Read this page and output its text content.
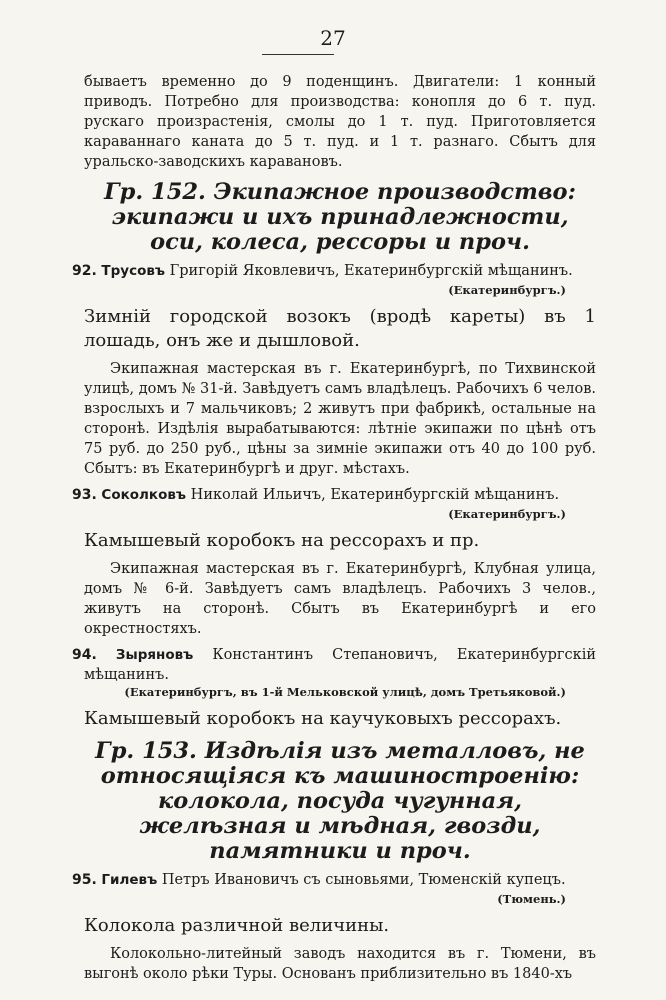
27

бываетъ временно до 9 поденщинъ. Двигатели: 1 конный приводъ. Потребно для производства: конопля до 6 т. пуд. рускаго произрастенія, смолы до 1 т. пуд. Приготовляется караваннаго каната до 5 т. пуд. и 1 т. разнаго. Сбытъ для уральско-заводскихъ каравановъ.

Гр. 152. Экипажное производство: экипажи и ихъ принадлежности, оси, колеса, рессоры и проч.

92. Трусовъ Григорій Яковлевичъ, Екатеринбургскій мѣщанинъ.

(Екатеринбургъ.)

Зимній городской возокъ (вродѣ кареты) въ 1 лошадь, онъ же и дышловой.

Экипажная мастерская въ г. Екатеринбургѣ, по Тихвинской улицѣ, домъ № 31-й. Завѣдуетъ самъ владѣлецъ. Рабочихъ 6 челов. взрослыхъ и 7 мальчиковъ; 2 живутъ при фабрикѣ, остальные на сторонѣ. Издѣлія вырабатываются: лѣтніе экипажи по цѣнѣ отъ 75 руб. до 250 руб., цѣны за зимніе экипажи отъ 40 до 100 руб. Сбытъ: въ Екатеринбургѣ и друг. мѣстахъ.

93. Соколковъ Николай Ильичъ, Екатеринбургскій мѣщанинъ.

(Екатеринбургъ.)

Камышевый коробокъ на рессорахъ и пр.

Экипажная мастерская въ г. Екатеринбургѣ, Клубная улица, домъ № 6-й. Завѣдуетъ самъ владѣлецъ. Рабочихъ 3 челов., живутъ на сторонѣ. Сбытъ въ Екатеринбургѣ и его окрестностяхъ.

94. Зыряновъ Константинъ Степановичъ, Екатеринбургскій мѣщанинъ.

(Екатеринбургъ, въ 1-й Мельковской улицѣ, домъ Третьяковой.)

Камышевый коробокъ на каучуковыхъ рессорахъ.

Гр. 153. Издѣлія изъ металловъ, не относящіяся къ машиностроенію: колокола, посуда чугунная, желѣзная и мѣдная, гвозди, памятники и проч.

95. Гилевъ Петръ Ивановичъ съ сыновьями, Тюменскій купецъ.

(Тюмень.)

Колокола различной величины.

Колокольно-литейный заводъ находится въ г. Тюмени, въ выгонѣ около рѣки Туры. Основанъ приблизительно въ 1840-хъ
